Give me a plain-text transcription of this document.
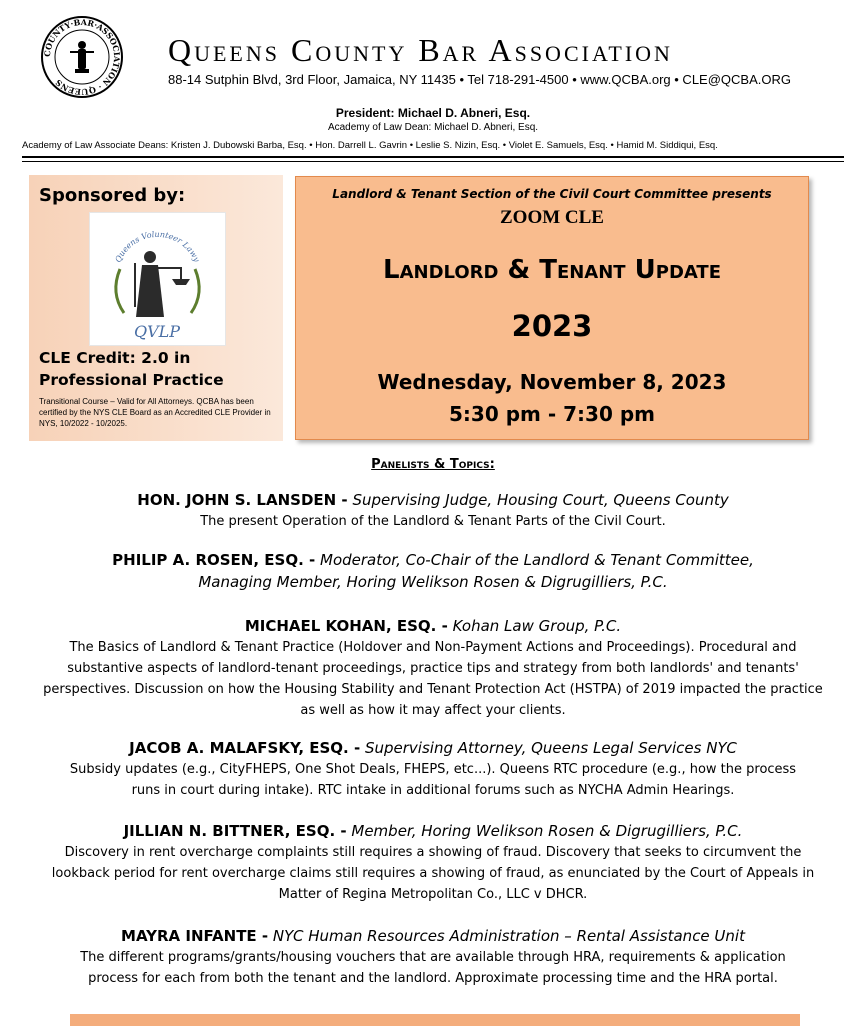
COUNTY·BAR·ASSOCIATION · QUEENS
Queens County Bar Association
88-14 Sutphin Blvd, 3rd Floor, Jamaica, NY 11435 • Tel 718-291-4500 • www.QCBA.org • CLE@QCBA.ORG
President: Michael D. Abneri, Esq.
Academy of Law Dean: Michael D. Abneri, Esq.
Academy of Law Associate Deans: Kristen J. Dubowski Barba, Esq. • Hon. Darrell L. Gavrin • Leslie S. Nizin, Esq. • Violet E. Samuels, Esq. • Hamid M. Siddiqui, Esq.
Sponsored by:
Queens Volunteer Lawy
QVLP
CLE Credit: 2.0 in
Professional Practice
Transitional Course – Valid for All Attorneys. QCBA has been certified by the NYS CLE Board as an Accredited CLE Provider in NYS, 10/2022 - 10/2025.
Landlord & Tenant Section of the Civil Court Committee presents
ZOOM CLE
Landlord & Tenant Update
2023
Wednesday, November 8, 2023
5:30 pm - 7:30 pm
Panelists & Topics:
HON. JOHN S. LANSDEN - Supervising Judge, Housing Court, Queens County
The present Operation of the Landlord & Tenant Parts of the Civil Court.
PHILIP A. ROSEN, ESQ. - Moderator, Co-Chair of the Landlord & Tenant Committee,
Managing Member, Horing Welikson Rosen & Digrugilliers, P.C.
MICHAEL KOHAN, ESQ. - Kohan Law Group, P.C.
The Basics of Landlord & Tenant Practice (Holdover and Non-Payment Actions and Proceedings). Procedural and substantive aspects of landlord-tenant proceedings, practice tips and strategy from both landlords' and tenants' perspectives. Discussion on how the Housing Stability and Tenant Protection Act (HSTPA) of 2019 impacted the practice as well as how it may affect your clients.
JACOB A. MALAFSKY, ESQ. - Supervising Attorney, Queens Legal Services NYC
Subsidy updates (e.g., CityFHEPS, One Shot Deals, FHEPS, etc...). Queens RTC procedure (e.g., how the process runs in court during intake). RTC intake in additional forums such as NYCHA Admin Hearings.
JILLIAN N. BITTNER, ESQ. - Member, Horing Welikson Rosen & Digrugilliers, P.C.
Discovery in rent overcharge complaints still requires a showing of fraud. Discovery that seeks to circumvent the lookback period for rent overcharge claims still requires a showing of fraud, as enunciated by the Court of Appeals in Matter of Regina Metropolitan Co., LLC v DHCR.
MAYRA INFANTE - NYC Human Resources Administration – Rental Assistance Unit
The different programs/grants/housing vouchers that are available through HRA, requirements & application process for each from both the tenant and the landlord. Approximate processing time and the HRA portal.
